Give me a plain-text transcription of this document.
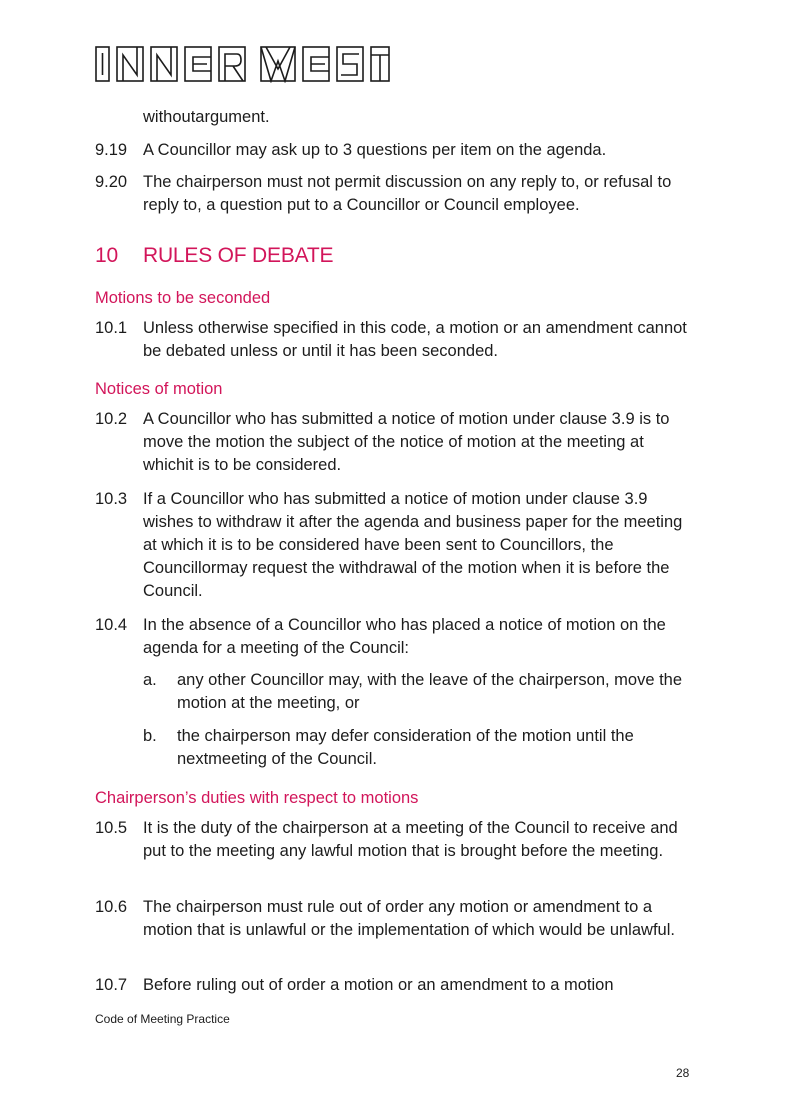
withoutargument.
9.19 A Councillor may ask up to 3 questions per item on the agenda.
9.20 The chairperson must not permit discussion on any reply to, or refusal to reply to, a question put to a Councillor or Council employee.
10 RULES OF DEBATE
Motions to be seconded
10.1 Unless otherwise specified in this code, a motion or an amendment cannot be debated unless or until it has been seconded.
Notices of motion
10.2 A Councillor who has submitted a notice of motion under clause 3.9 is to move the motion the subject of the notice of motion at the meeting at whichit is to be considered.
10.3 If a Councillor who has submitted a notice of motion under clause 3.9 wishes to withdraw it after the agenda and business paper for the meeting at which it is to be considered have been sent to Councillors, the Councillormay request the withdrawal of the motion when it is before the Council.
10.4 In the absence of a Councillor who has placed a notice of motion on the agenda for a meeting of the Council:
a.	any other Councillor may, with the leave of the chairperson, move the motion at the meeting, or
b.	the chairperson may defer consideration of the motion until the nextmeeting of the Council.
Chairperson’s duties with respect to motions
10.5 It is the duty of the chairperson at a meeting of the Council to receive and put to the meeting any lawful motion that is brought before the meeting.
10.6 The chairperson must rule out of order any motion or amendment to a motion that is unlawful or the implementation of which would be unlawful.
10.7 Before ruling out of order a motion or an amendment to a motion
Code of Meeting Practice
28
